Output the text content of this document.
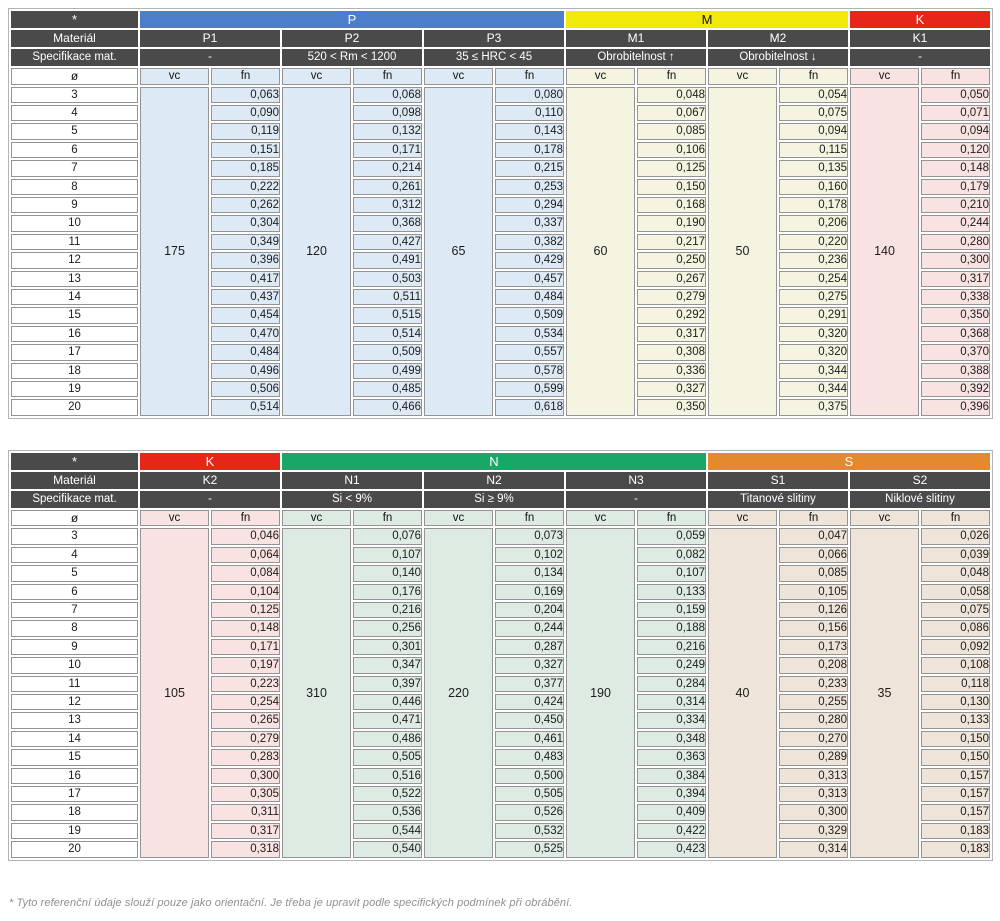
*	P						M				K	
Materiál	P1		P2		P3		M1		M2		K1	
Specifikace mat.	-		520 < Rm < 1200		35 ≤ HRC < 45		Obrobitelnost ↑		Obrobitelnost ↓		-	
ø	vc	fn	vc	fn	vc	fn	vc	fn	vc	fn	vc	fn
3	175	0,063	120	0,068	65	0,080	60	0,048	50	0,054	140	0,050
4		0,090		0,098		0,110		0,067		0,075		0,071
5		0,119		0,132		0,143		0,085		0,094		0,094
6		0,151		0,171		0,178		0,106		0,115		0,120
7		0,185		0,214		0,215		0,125		0,135		0,148
8		0,222		0,261		0,253		0,150		0,160		0,179
9		0,262		0,312		0,294		0,168		0,178		0,210
10		0,304		0,368		0,337		0,190		0,206		0,244
11		0,349		0,427		0,382		0,217		0,220		0,280
12		0,396		0,491		0,429		0,250		0,236		0,300
13		0,417		0,503		0,457		0,267		0,254		0,317
14		0,437		0,511		0,484		0,279		0,275		0,338
15		0,454		0,515		0,509		0,292		0,291		0,350
16		0,470		0,514		0,534		0,317		0,320		0,368
17		0,484		0,509		0,557		0,308		0,320		0,370
18		0,496		0,499		0,578		0,336		0,344		0,388
19		0,506		0,485		0,599		0,327		0,344		0,392
20		0,514		0,466		0,618		0,350		0,375		0,396
*	K		N						S			
Materiál	K2		N1		N2		N3		S1		S2	
Specifikace mat.	-		Si < 9%		Si ≥ 9%		-		Titanové slitiny		Niklové slitiny	
ø	vc	fn	vc	fn	vc	fn	vc	fn	vc	fn	vc	fn
3	105	0,046	310	0,076	220	0,073	190	0,059	40	0,047	35	0,026
4		0,064		0,107		0,102		0,082		0,066		0,039
5		0,084		0,140		0,134		0,107		0,085		0,048
6		0,104		0,176		0,169		0,133		0,105		0,058
7		0,125		0,216		0,204		0,159		0,126		0,075
8		0,148		0,256		0,244		0,188		0,156		0,086
9		0,171		0,301		0,287		0,216		0,173		0,092
10		0,197		0,347		0,327		0,249		0,208		0,108
11		0,223		0,397		0,377		0,284		0,233		0,118
12		0,254		0,446		0,424		0,314		0,255		0,130
13		0,265		0,471		0,450		0,334		0,280		0,133
14		0,279		0,486		0,461		0,348		0,270		0,150
15		0,283		0,505		0,483		0,363		0,289		0,150
16		0,300		0,516		0,500		0,384		0,313		0,157
17		0,305		0,522		0,505		0,394		0,313		0,157
18		0,311		0,536		0,526		0,409		0,300		0,157
19		0,317		0,544		0,532		0,422		0,329		0,183
20		0,318		0,540		0,525		0,423		0,314		0,183
* Tyto referenční údaje slouží pouze jako orientační. Je třeba je upravit podle specifických podmínek při obrábění.
